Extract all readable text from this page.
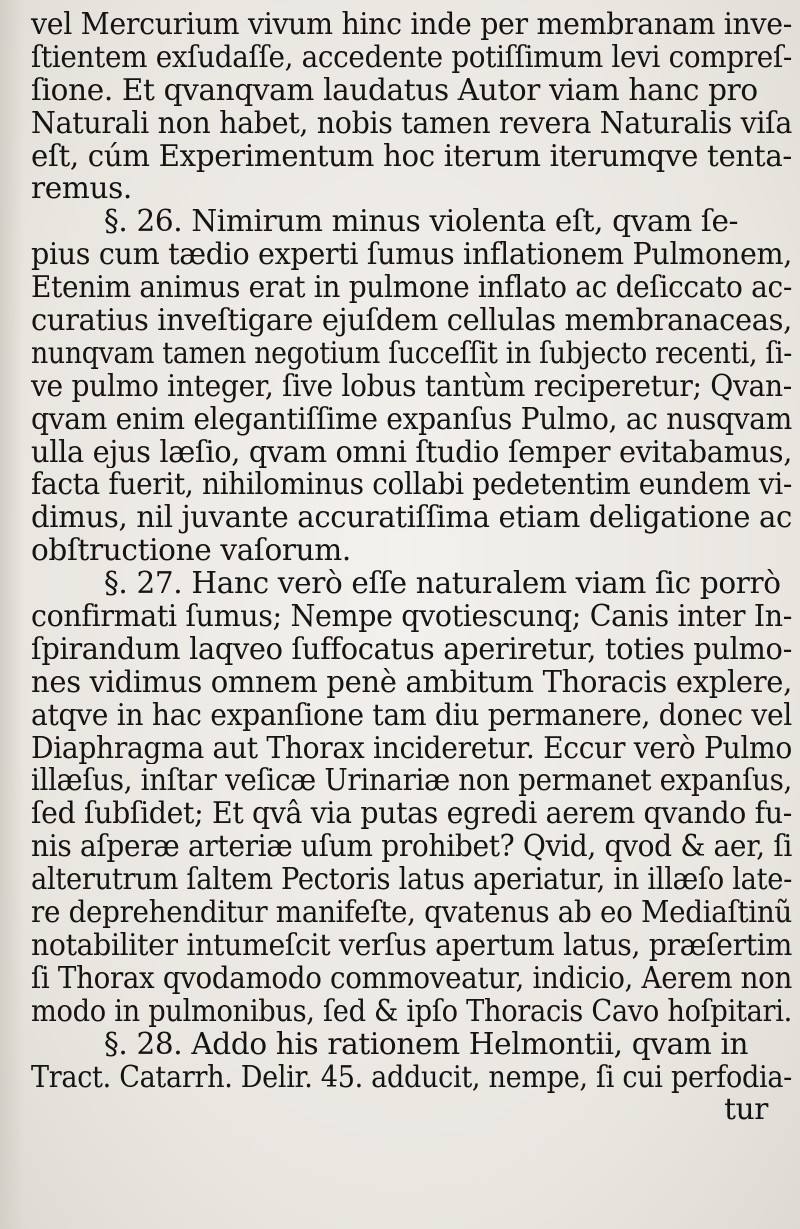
vel Mercurium vivum hinc inde per membranam inve-
ſtientem exſudaſſe, accedente potiſſimum levi compreſ-
ſione. Et qvanqvam laudatus Autor viam hanc pro
Naturali non habet, nobis tamen revera Naturalis viſa
eſt, cúm Experimentum hoc iterum iterumqve tenta-
remus.
§. 26. Nimirum minus violenta eſt, qvam ſe-
pius cum tædio experti ſumus inflationem Pulmonem,
Etenim animus erat in pulmone inflato ac deſiccato ac-
curatius inveſtigare ejuſdem cellulas membranaceas,
nunqvam tamen negotium ſucceſſit in ſubjecto recenti, ſi-
ve pulmo integer, ſive lobus tantùm reciperetur; Qvan-
qvam enim elegantiſſime expanſus Pulmo, ac nusqvam
ulla ejus læſio, qvam omni ſtudio ſemper evitabamus,
facta fuerit, nihilominus collabi pedetentim eundem vi-
dimus, nil juvante accuratiſſima etiam deligatione ac
obſtructione vaſorum.
§. 27. Hanc verò eſſe naturalem viam ſic porrò
confirmati ſumus; Nempe qvotiescunq; Canis inter In-
ſpirandum laqveo ſuffocatus aperiretur, toties pulmo-
nes vidimus omnem penè ambitum Thoracis explere,
atqve in hac expanſione tam diu permanere, donec vel
Diaphragma aut Thorax incideretur. Eccur verò Pulmo
illæſus, inſtar veſicæ Urinariæ non permanet expanſus,
ſed ſubſidet; Et qvâ via putas egredi aerem qvando fu-
nis aſperæ arteriæ uſum prohibet? Qvid, qvod & aer, ſi
alterutrum ſaltem Pectoris latus aperiatur, in illæſo late-
re deprehenditur manifeſte, qvatenus ab eo Mediaſtinũ
notabiliter intumeſcit verſus apertum latus, præſertim
ſi Thorax qvodamodo commoveatur, indicio, Aerem non
modo in pulmonibus, ſed & ipſo Thoracis Cavo hoſpitari.
§. 28. Addo his rationem Helmontii, qvam in
Tract. Catarrh. Delir. 45. adducit, nempe, ſi cui perfodia-
tur
